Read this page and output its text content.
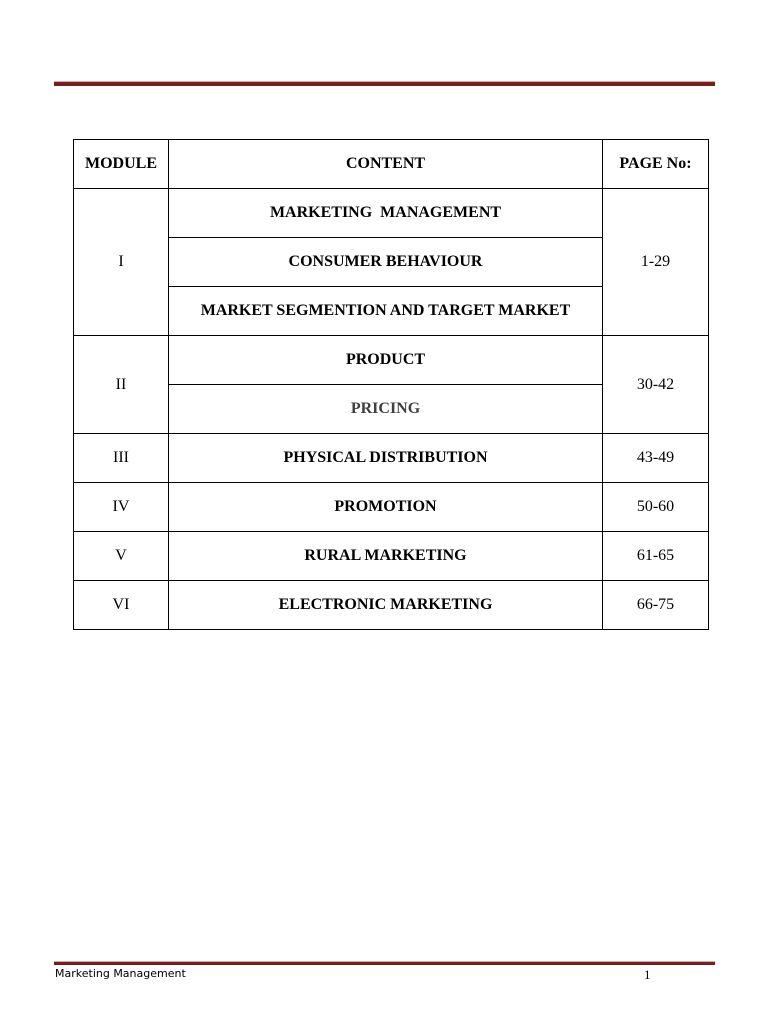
MODULE	CONTENT	PAGE No:
I	MARKETING  MANAGEMENT	1-29
	CONSUMER BEHAVIOUR	
	MARKET SEGMENTION AND TARGET MARKET	
II	PRODUCT	30-42
	PRICING	
III	PHYSICAL DISTRIBUTION	43-49
IV	PROMOTION	50-60
V	RURAL MARKETING	61-65
VI	ELECTRONIC MARKETING	66-75
Marketing Management	1
